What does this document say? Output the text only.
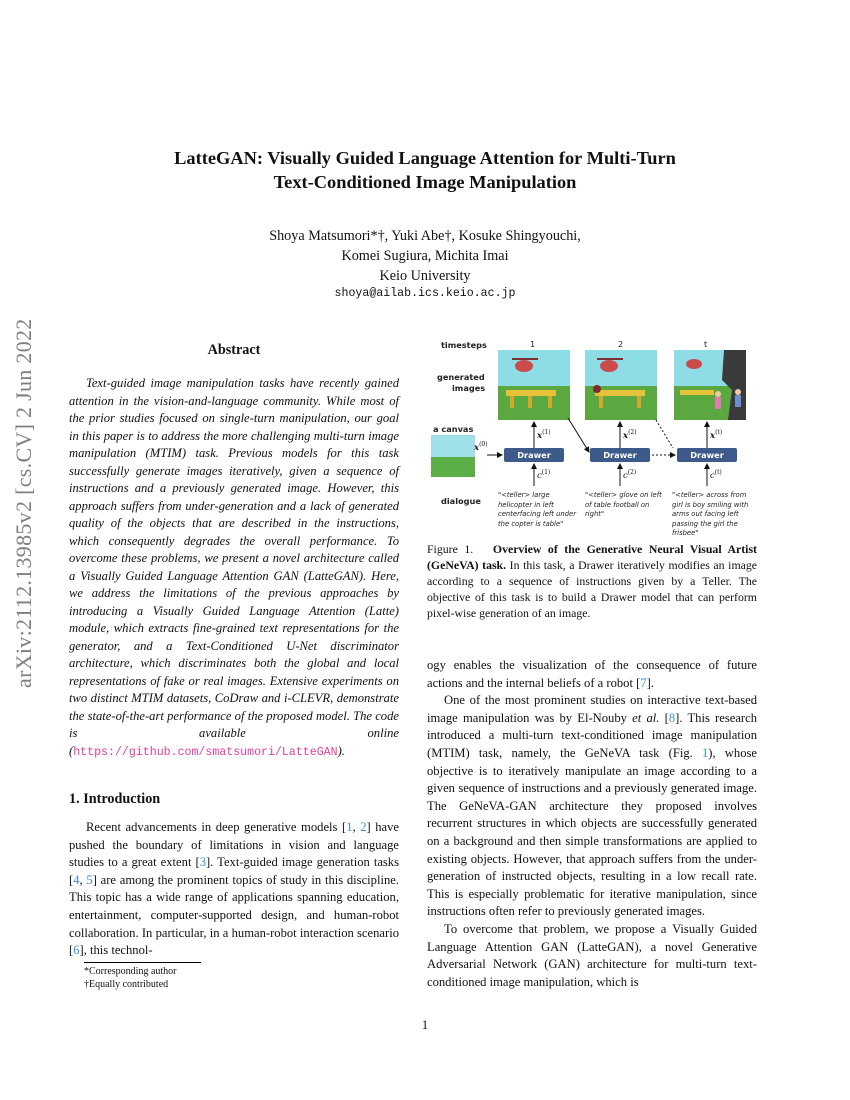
LatteGAN: Visually Guided Language Attention for Multi-Turn
Text-Conditioned Image Manipulation
Shoya Matsumori*†, Yuki Abe†, Kosuke Shingyouchi,
Komei Sugiura, Michita Imai
Keio University
shoya@ailab.ics.keio.ac.jp
arXiv:2112.13985v2 [cs.CV] 2 Jun 2022	Abstract

Text-guided image manipulation tasks have recently gained attention in the vision-and-language community. While most of the prior studies focused on single-turn manipulation, our goal in this paper is to address the more challenging multi-turn image manipulation (MTIM) task. Previous models for this task successfully generate images iteratively, given a sequence of instructions and a previously generated image. However, this approach suffers from under-generation and a lack of generated quality of the objects that are described in the instructions, which consequently degrades the overall performance. To overcome these problems, we present a novel architecture called a Visually Guided Language Attention GAN (LatteGAN). Here, we address the limitations of the previous approaches by introducing a Visually Guided Language Attention (Latte) module, which extracts fine-grained text representations for the generator, and a Text-Conditioned U-Net discriminator architecture, which discriminates both the global and local representations of fake or real images. Extensive experiments on two distinct MTIM datasets, CoDraw and i-CLEVR, demonstrate the state-of-the-art performance of the proposed model. The code is available online (https://github.com/smatsumori/LatteGAN).

1. Introduction

Recent advancements in deep generative models [1, 2] have pushed the boundary of limitations in vision and language studies to a great extent [3]. Text-guided image generation tasks [4, 5] are among the prominent topics of study in this discipline. This topic has a wide range of applications spanning education, entertainment, computer-supported design, and human-robot collaboration. In particular, in a human-robot interaction scenario [6], this technol-

*Corresponding author
†Equally contributed
timesteps
generated
images
a canvas
dialogue
1	2	t
Drawer	Drawer	Drawer
$x^{(0)}$
$x^{(1)}$	$x^{(2)}$	$x^{(t)}$
$c^{(1)}$	$c^{(2)}$	$c^{(t)}$
"<teller> large helicopter in left centerfacing left under the copter is table"
"<teller> glove on left of table football on right"
"<teller> across from girl is boy smiling with arms out facing left passing the girl the frisbee"
Figure 1. Overview of the Generative Neural Visual Artist (GeNeVA) task. In this task, a Drawer iteratively modifies an image according to a sequence of instructions given by a Teller. The objective of this task is to build a Drawer model that can perform pixel-wise generation of an image.
ogy enables the visualization of the consequence of future actions and the internal beliefs of a robot [7].

One of the most prominent studies on interactive text-based image manipulation was by El-Nouby et al. [8]. This research introduced a multi-turn text-conditioned image manipulation (MTIM) task, namely, the GeNeVA task (Fig. 1), whose objective is to iteratively manipulate an image according to a given sequence of instructions and a previously generated image. The GeNeVA-GAN architecture they proposed involves recurrent structures in which objects are successfully generated on a background and then simple transformations are applied to existing objects. However, that approach suffers from the under-generation of instructed objects, resulting in a low recall rate. This is especially problematic for iterative manipulation, since instructions often refer to previously generated images.

To overcome that problem, we propose a Visually Guided Language Attention GAN (LatteGAN), a novel Generative Adversarial Network (GAN) architecture for multi-turn text-conditioned image manipulation, which is

1
